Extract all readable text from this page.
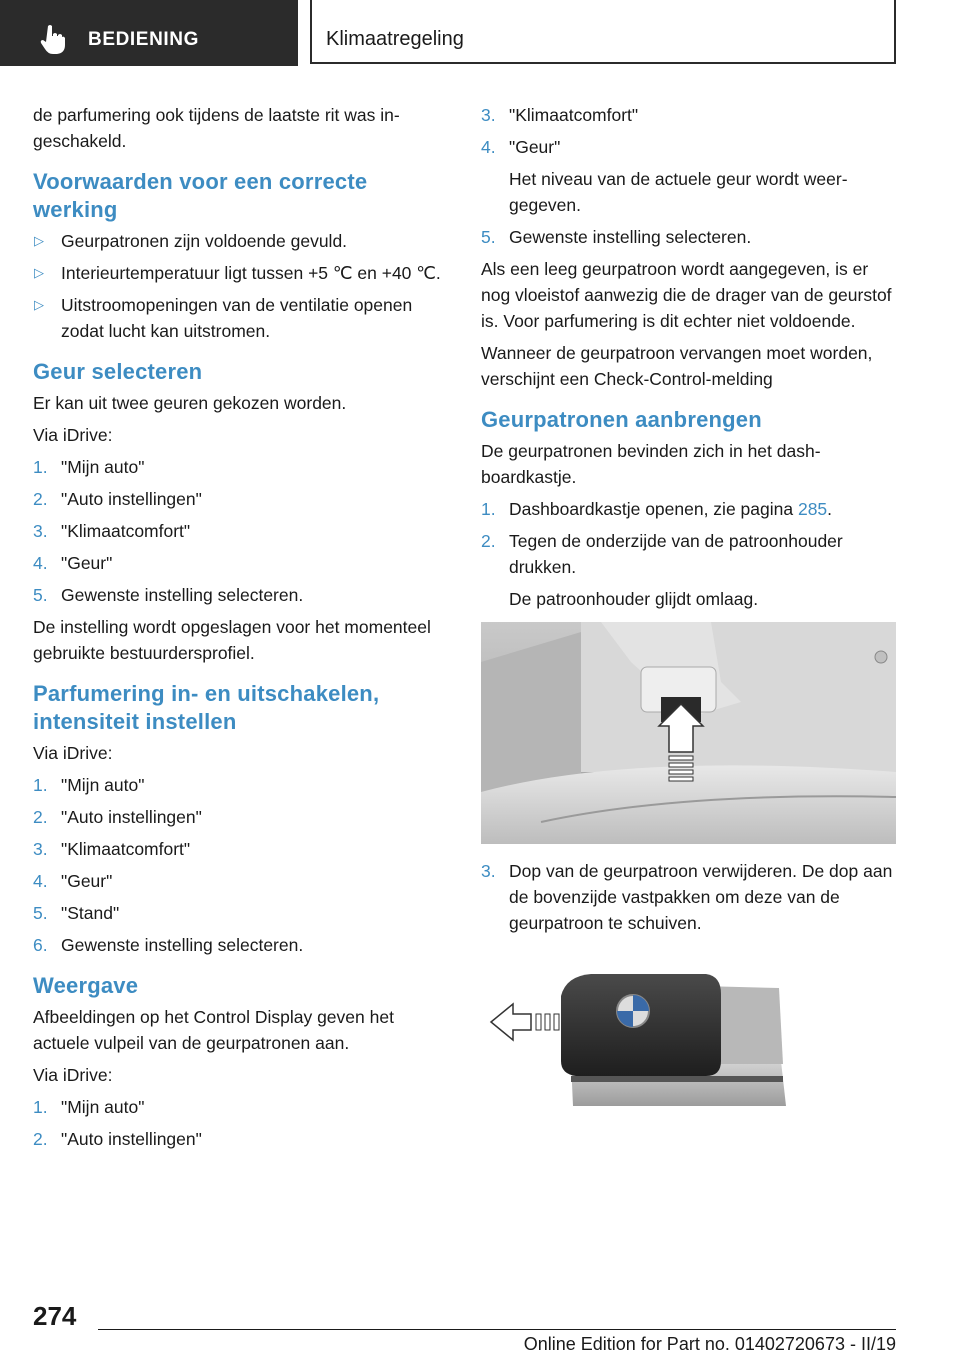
BEDIENING	Klimaatregeling
de parfumering ook tijdens de laatste rit was ingeschakeld.
Voorwaarden voor een correcte werking
▷ Geurpatronen zijn voldoende gevuld.
▷ Interieurtemperatuur ligt tussen +5 ℃ en +40 ℃.
▷ Uitstroomopeningen van de ventilatie openen zodat lucht kan uitstromen.
Geur selecteren
Er kan uit twee geuren gekozen worden.
Via iDrive:
1. "Mijn auto"
2. "Auto instellingen"
3. "Klimaatcomfort"
4. "Geur"
5. Gewenste instelling selecteren.
De instelling wordt opgeslagen voor het momenteel gebruikte bestuurdersprofiel.
Parfumering in- en uitschakelen, intensiteit instellen
Via iDrive:
1. "Mijn auto"
2. "Auto instellingen"
3. "Klimaatcomfort"
4. "Geur"
5. "Stand"
6. Gewenste instelling selecteren.
Weergave
Afbeeldingen op het Control Display geven het actuele vulpeil van de geurpatronen aan.
Via iDrive:
1. "Mijn auto"
2. "Auto instellingen"
3. "Klimaatcomfort"
4. "Geur"
Het niveau van de actuele geur wordt weergegeven.
5. Gewenste instelling selecteren.
Als een leeg geurpatroon wordt aangegeven, is er nog vloeistof aanwezig die de drager van de geurstof is. Voor parfumering is dit echter niet voldoende.
Wanneer de geurpatroon vervangen moet worden, verschijnt een Check-Control-melding
Geurpatronen aanbrengen
De geurpatronen bevinden zich in het dashboardkastje.
1. Dashboardkastje openen, zie pagina 285.
2. Tegen de onderzijde van de patroonhouder drukken.
De patroonhouder glijdt omlaag.
3. Dop van de geurpatroon verwijderen. De dop aan de bovenzijde vastpakken om deze van de geurpatroon te schuiven.
274
Online Edition for Part no. 01402720673 - II/19
